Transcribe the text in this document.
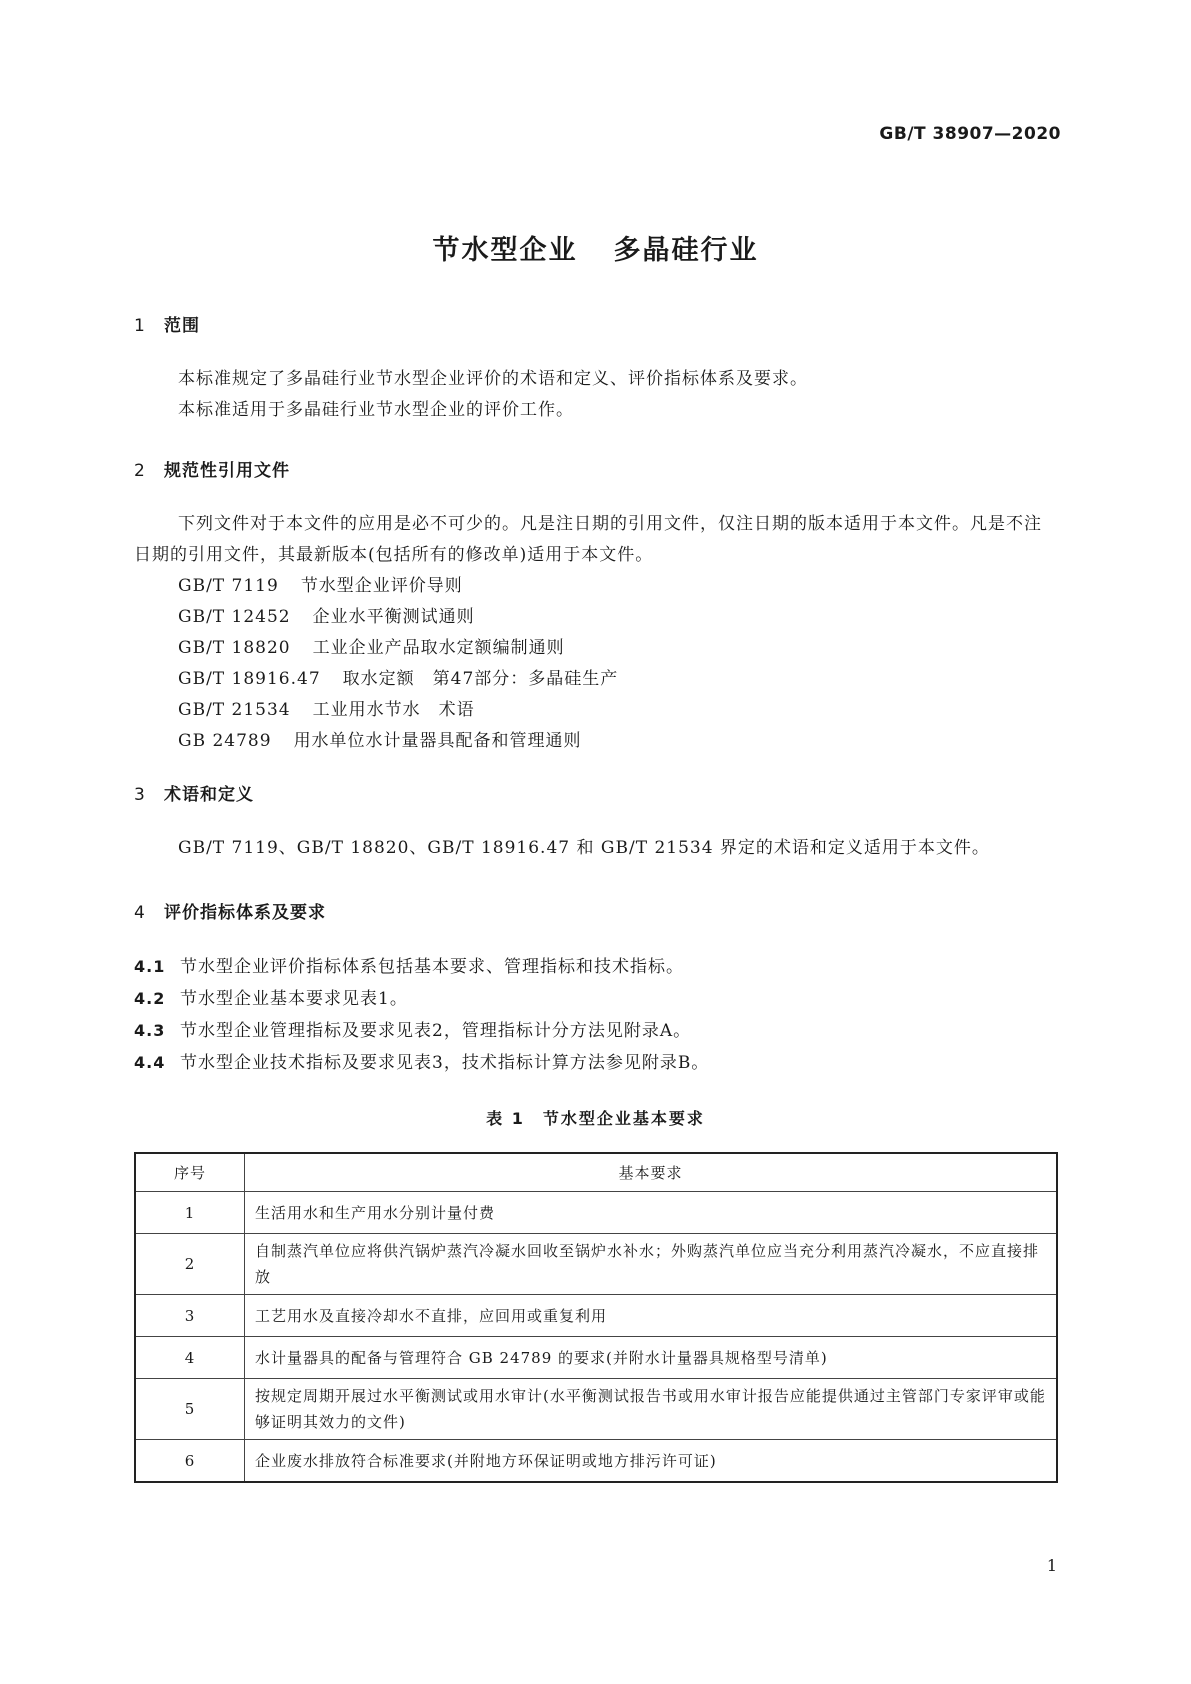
GB/T 38907—2020
节水型企业 多晶硅行业
1 范围
本标准规定了多晶硅行业节水型企业评价的术语和定义、评价指标体系及要求。
本标准适用于多晶硅行业节水型企业的评价工作。
2 规范性引用文件
下列文件对于本文件的应用是必不可少的。凡是注日期的引用文件，仅注日期的版本适用于本文件。凡是不注日期的引用文件，其最新版本(包括所有的修改单)适用于本文件。
GB/T 7119 节水型企业评价导则
GB/T 12452 企业水平衡测试通则
GB/T 18820 工业企业产品取水定额编制通则
GB/T 18916.47 取水定额　第47部分：多晶硅生产
GB/T 21534 工业用水节水　术语
GB 24789 用水单位水计量器具配备和管理通则
3 术语和定义
GB/T 7119、GB/T 18820、GB/T 18916.47 和 GB/T 21534 界定的术语和定义适用于本文件。
4 评价指标体系及要求
4.1 节水型企业评价指标体系包括基本要求、管理指标和技术指标。
4.2 节水型企业基本要求见表1。
4.3 节水型企业管理指标及要求见表2，管理指标计分方法见附录A。
4.4 节水型企业技术指标及要求见表3，技术指标计算方法参见附录B。
表 1 节水型企业基本要求
序号	基本要求
1	生活用水和生产用水分别计量付费
2	自制蒸汽单位应将供汽锅炉蒸汽冷凝水回收至锅炉水补水；外购蒸汽单位应当充分利用蒸汽冷凝水，不应直接排放
3	工艺用水及直接冷却水不直排，应回用或重复利用
4	水计量器具的配备与管理符合 GB 24789 的要求(并附水计量器具规格型号清单)
5	按规定周期开展过水平衡测试或用水审计(水平衡测试报告书或用水审计报告应能提供通过主管部门专家评审或能够证明其效力的文件)
6	企业废水排放符合标准要求(并附地方环保证明或地方排污许可证)
1
